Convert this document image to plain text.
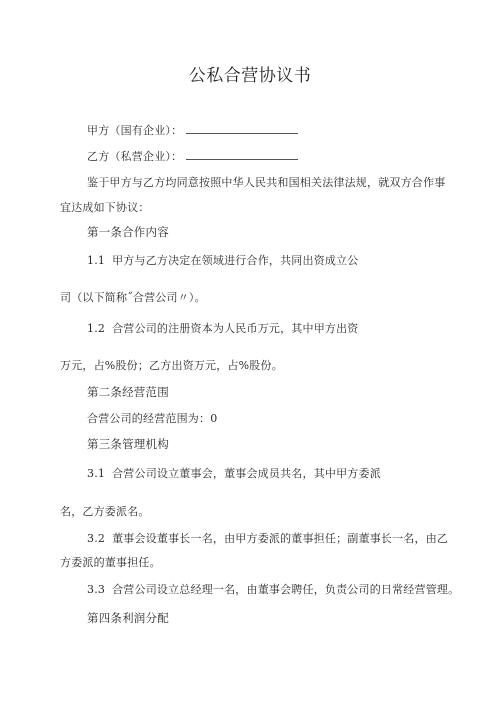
公私合营协议书
甲方（国有企业）：
乙方（私营企业）：
鉴于甲方与乙方均同意按照中华人民共和国相关法律法规，就双方合作事
宜达成如下协议：
第一条合作内容
1.1 甲方与乙方决定在领域进行合作，共同出资成立公
司（以下简称˝合营公司〃）。
1.2 合营公司的注册资本为人民币万元，其中甲方出资
万元，占%股份；乙方出资万元，占%股份。
第二条经营范围
合营公司的经营范围为：0
第三条管理机构
3.1 合营公司设立董事会，董事会成员共名，其中甲方委派
名，乙方委派名。
3.2 董事会设董事长一名，由甲方委派的董事担任；副董事长一名，由乙
方委派的董事担任。
3.3 合营公司设立总经理一名，由董事会聘任，负责公司的日常经营管理。
第四条利润分配
